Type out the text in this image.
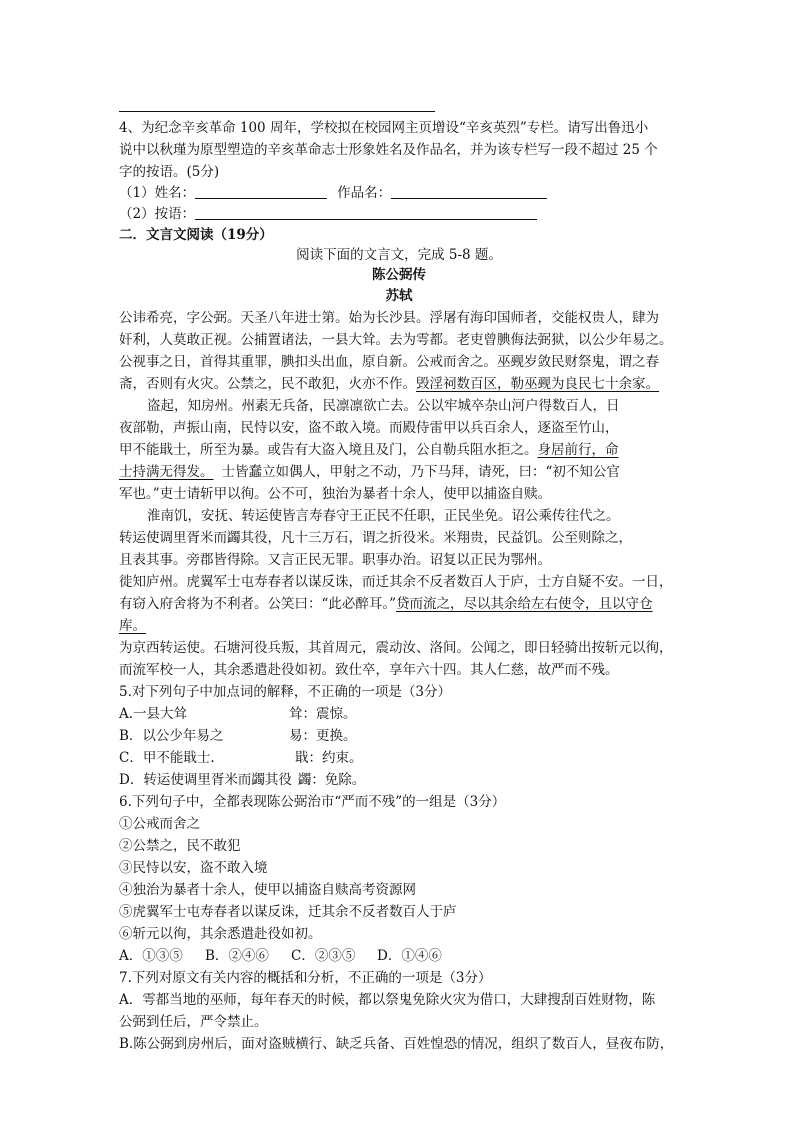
4、为纪念辛亥革命 100 周年，学校拟在校园网主页增设“辛亥英烈”专栏。请写出鲁迅小
说中以秋瑾为原型塑造的辛亥革命志士形象姓名及作品名，并为该专栏写一段不超过 25 个
字的按语。(5分)
（1）姓名：	作品名：
（2）按语：
二．文言文阅读（19分）
阅读下面的文言文，完成 5-8 题。
陈公弼传
苏轼
公讳希亮，字公弼。天圣八年进士第。始为长沙县。浮屠有海印国师者，交能权贵人，肆为
奸利，人莫敢正视。公捕置诸法，一县大耸。去为雩都。老吏曾腆侮法弼狱，以公少年易之。
公视事之日，首得其重罪，腆扣头出血，原自新。公戒而舍之。巫觋岁敛民财祭鬼，谓之春
斋，否则有火灾。公禁之，民不敢犯，火亦不作。毁淫祠数百区，勒巫觋为良民七十余家。
盗起，知房州。州素无兵备，民凛凛欲亡去。公以牢城卒杂山河户得数百人，日
夜部勒，声振山南，民恃以安，盗不敢入境。而殿侍雷甲以兵百余人，逐盗至竹山，
甲不能戢士，所至为暴。或告有大盗入境且及门，公自勒兵阻水拒之。身居前行，命
士持满无得发。 士皆蠢立如偶人，甲射之不动，乃下马拜，请死，曰：“初不知公官
军也。”吏士请斩甲以徇。公不可，独治为暴者十余人，使甲以捕盗自赎。
淮南饥，安抚、转运使皆言寿春守王正民不任职，正民坐免。诏公乘传往代之。
转运使调里胥米而蠲其役，凡十三万石，谓之折役米。米翔贵，民益饥。公至则除之，
且表其事。旁郡皆得除。又言正民无罪。职事办治。诏复以正民为鄂州。
徙知庐州。虎翼军士屯寿春者以谋反诛，而迁其余不反者数百人于庐，士方自疑不安。一日，
有窃入府舍将为不利者。公笑曰：“此必醉耳。”贷而流之，尽以其余给左右使令，且以守仓
库。
为京西转运使。石塘河役兵叛，其首周元，震动汝、洛间。公闻之，即日轻骑出按斩元以徇，
而流军校一人，其余悉遣赴役如初。致仕卒，享年六十四。其人仁慈，故严而不残。
5.对下列句子中加点词的解释，不正确的一项是（3分）
A.一县大耸	耸：震惊。
B．以公少年易之	易：更换。
C．甲不能戢士.	戢：约束。
D．转运使调里胥米而蠲其役 蠲：免除。
6.下列句子中，全都表现陈公弼治市“严而不残”的一组是（3分）
①公戒而舍之
②公禁之，民不敢犯
③民恃以安，盗不敢入境
④独治为暴者十余人，使甲以捕盗自赎高考资源网
⑤虎翼军士屯寿春者以谋反诛，迁其余不反者数百人于庐
⑥斩元以徇，其余悉遣赴役如初。
A．①③⑤ B．②④⑥ C．②③⑤ D．①④⑥
7.下列对原文有关内容的概括和分析，不正确的一项是（3分）
A．雩都当地的巫师，每年春天的时候，都以祭鬼免除火灾为借口，大肆搜刮百姓财物，陈
公弼到任后，严令禁止。
B.陈公弼到房州后，面对盗贼横行、缺乏兵备、百姓惶恐的情况，组织了数百人，昼夜布防，
